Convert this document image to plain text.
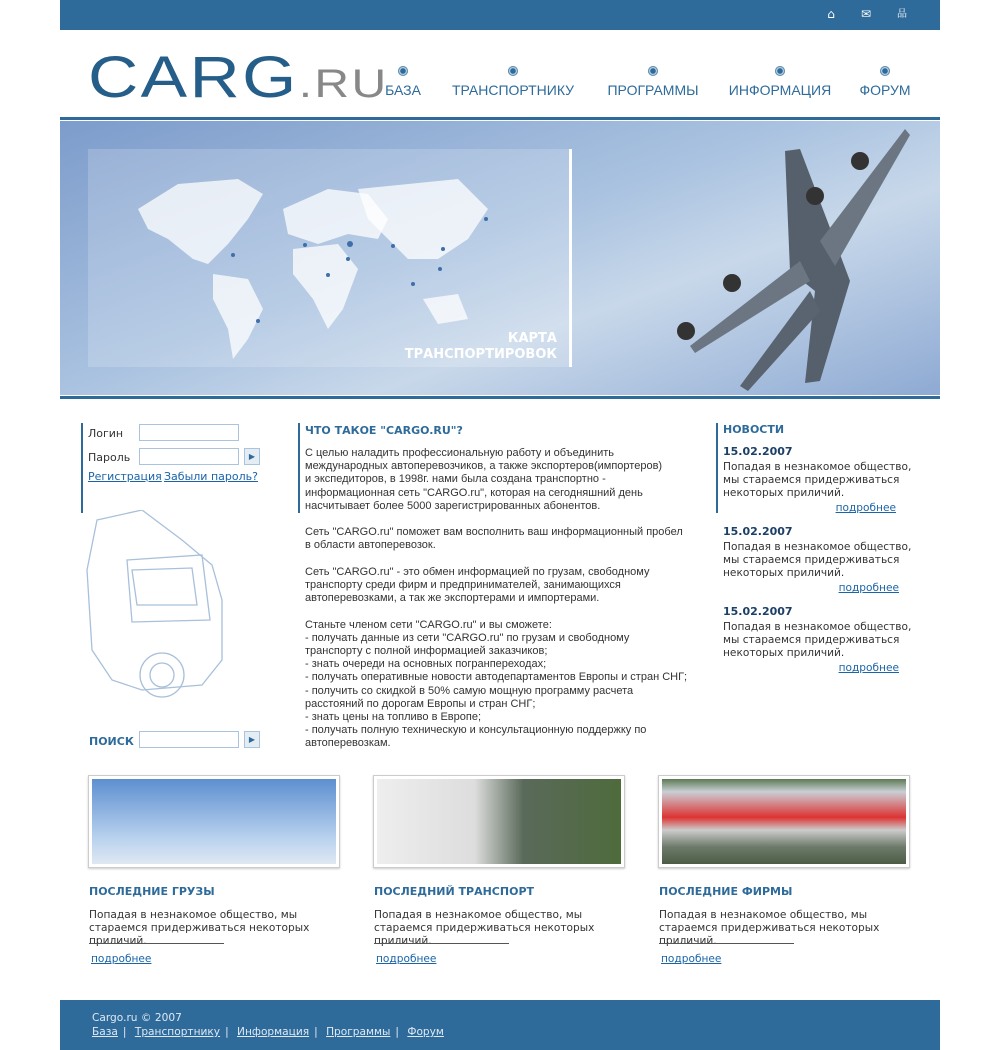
⌂ ✉	品
CARG.RU
БАЗА	ТРАНСПОРТНИКУ	ПРОГРАММЫ	ИНФОРМАЦИЯ	ФОРУМ
КАРТА
ТРАНСПОРТИРОВОК
Логин
Пароль	▶
Регистрация Забыли пароль?
ПОИСК	▶
ЧТО ТАКОЕ "CARGO.RU"?
С целью наладить профессиональную работу и объединить
международных автоперевозчиков, а также экспортеров(импортеров)
и экспедиторов, в 1998г. нами была создана транспортно -
информационная сеть "CARGO.ru", которая на сегодняшний день
насчитывает более 5000 зарегистрированных абонентов.

Сеть "CARGO.ru" поможет вам восполнить ваш информационный пробел
в области автоперевозок.

Сеть "CARGO.ru" - это обмен информацией по грузам, свободному
транспорту среди фирм и предпринимателей, занимающихся
автоперевозками, а так же экспортерами и импортерами.

Станьте членом сети "CARGO.ru" и вы сможете:
- получать данные из сети "CARGO.ru" по грузам и свободному
транспорту с полной информацией заказчиков;
- знать очереди на основных погранпереходах;
- получать оперативные новости автодепартаментов Европы и стран СНГ;
- получить со скидкой в 50% самую мощную программу расчета
расстояний по дорогам Европы и стран СНГ;
- знать цены на топливо в Европе;
- получать полную техническую и консультационную поддержку по
автоперевозкам.
НОВОСТИ
15.02.2007
Попадая в незнакомое общество, мы стараемся придерживаться некоторых приличий.
подробнее
15.02.2007
Попадая в незнакомое общество, мы стараемся придерживаться некоторых приличий.
подробнее
15.02.2007
Попадая в незнакомое общество, мы стараемся придерживаться некоторых приличий.
подробнее
ПОСЛЕДНИЕ ГРУЗЫ
Попадая в незнакомое общество, мы стараемся придерживаться некоторых приличий.
подробнее
ПОСЛЕДНИЙ ТРАНСПОРТ
Попадая в незнакомое общество, мы стараемся придерживаться некоторых приличий.
подробнее
ПОСЛЕДНИЕ ФИРМЫ
Попадая в незнакомое общество, мы стараемся придерживаться некоторых приличий.
подробнее
Cargo.ru © 2007
База | Транспортнику | Информация | Программы | Форум
